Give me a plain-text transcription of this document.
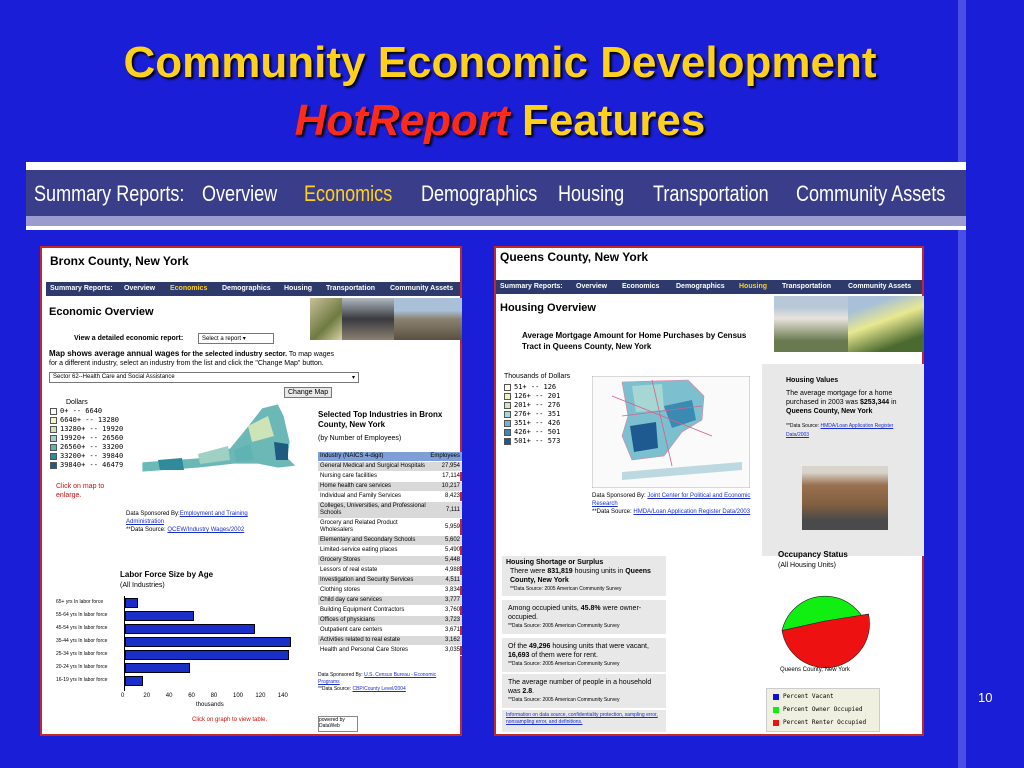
Community Economic Development
HotReport Features
Summary Reports: Overview Economics Demographics Housing Transportation Community Assets
Bronx County, New York
Summary Reports: Overview Economics Demographics Housing Transportation Community Assets
Economic Overview
View a detailed economic report:	Select a report ▾
Map shows average annual wages for the selected industry sector. To map wages
for a different industry, select an industry from the list and click the "Change Map" button.
Sector 62--Health Care and Social Assistance	▾
Change Map
Dollars
0+ -- 6640
6640+ -- 13280
13280+ -- 19920
19920+ -- 26560
26560+ -- 33200
33200+ -- 39840
39840+ -- 46479
Click on map to enlarge.
Data Sponsored By:Employment and Training Administration
**Data Source: QCEW/Industry Wages/2002
Selected Top Industries in Bronx County, New York
(by Number of Employees)
Industry (NAICS 4-digit)	Employees
General Medical and Surgical Hospitals	27,954
Nursing care facilities	17,114
Home health care services	10,217
Individual and Family Services	8,423
Colleges, Universities, and Professional Schools	7,111
Grocery and Related Product Wholesalers	5,959
Elementary and Secondary Schools	5,602
Limited-service eating places	5,490
Grocery Stores	5,448
Lessors of real estate	4,988
Investigation and Security Services	4,511
Clothing stores	3,834
Child day care services	3,777
Building Equipment Contractors	3,760
Offices of physicians	3,723
Outpatient care centers	3,671
Activities related to real estate	3,162
Health and Personal Care Stores	3,035
Data Sponsored By: U.S. Census Bureau - Economic Programs
**Data Source: CBP/County Level/2004
powered by DataWeb
Labor Force Size by Age
(All Industries)
65+ yrs In labor force
55-64 yrs In labor force
45-54 yrs In labor force
35-44 yrs In labor force
25-34 yrs In labor force
20-24 yrs In labor force
16-19 yrs In labor force
0	20	40	60	80	100 120 140
thousands
Click on graph to view table.
Queens County, New York
Summary Reports: Overview Economics Demographics Housing Transportation Community Assets
Housing Overview
Average Mortgage Amount for Home Purchases by Census Tract in Queens County, New York
Thousands of Dollars
51+ -- 126
126+ -- 201
201+ -- 276
276+ -- 351
351+ -- 426
426+ -- 501
501+ -- 573
Data Sponsored By: Joint Center for Political and Economic Research
**Data Source: HMDA/Loan Application Register Data/2003
Housing Values
The average mortgage for a home purchased in 2003 was $253,344 in Queens County, New York
**Data Source: HMDA/Loan Application Register Data/2003
Housing Shortage or Surplus
There were 831,819 housing units in Queens County, New York
**Data Source: 2005 American Community Survey
Among occupied units, 45.8% were owner-occupied.
**Data Source: 2005 American Community Survey
Of the 49,296 housing units that were vacant, 16,693 of them were for rent.
**Data Source: 2005 American Community Survey
The average number of people in a household was 2.8.
**Data Source: 2005 American Community Survey
Information on data source, confidentiality protection, sampling error, nonsampling error, and definitions.
Occupancy Status
(All Housing Units)
Queens County, New York
Percent Vacant
Percent Owner Occupied
Percent Renter Occupied
10
